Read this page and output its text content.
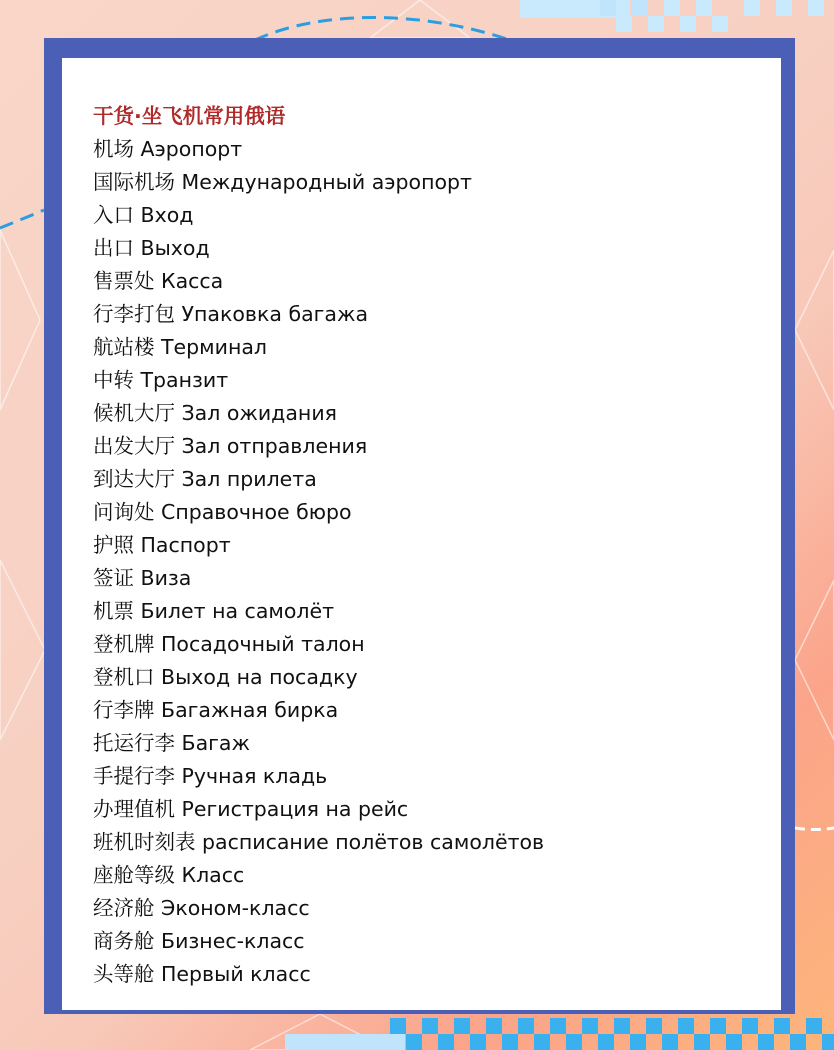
干货·坐飞机常用俄语
机场 Аэропорт
国际机场 Международный аэропорт
入口 Вход
出口 Выход
售票处 Касса
行李打包 Упаковка багажа
航站楼 Терминал
中转 Транзит
候机大厅 Зал ожидания
出发大厅 Зал отправления
到达大厅 Зал прилета
问询处 Справочное бюро
护照 Паспорт
签证 Виза
机票 Билет на самолёт
登机牌 Посадочный талон
登机口 Выход на посадку
行李牌 Багажная бирка
托运行李 Багаж
手提行李 Ручная кладь
办理值机 Регистрация на рейс
班机时刻表 расписание полётов самолётов
座舱等级 Класс
经济舱 Эконом-класс
商务舱 Бизнес-класс
头等舱 Первый класс
